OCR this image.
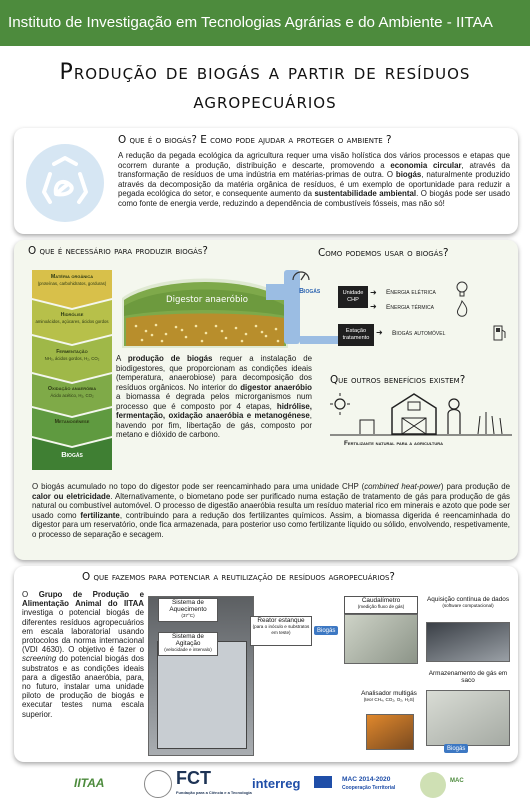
Instituto de Investigação em Tecnologias Agrárias e do Ambiente - IITAA
Produção de biogás a partir de resíduos
agropecuários
O que é o biogás? E como pode ajudar a proteger o ambiente ?
A redução da pegada ecológica da agricultura requer uma visão holística dos vários processos e etapas que ocorrem durante a produção, distribuição e descarte, promovendo a economia circular, através da transformação de resíduos de uma indústria em matérias-primas de outra. O biogás, naturalmente produzido através da decomposição da matéria orgânica de resíduos, é um exemplo de oportunidade para reduzir a pegada ecológica do setor, e consequente aumento da sustentabilidade ambiental. O biogás pode ser usado como fonte de energia verde, reduzindo a dependência de combustíveis fósseis, mas não só!
O que é necessário para produzir biogás?	Como podemos usar o biogás?
Matéria orgânica
(proteínas, carbohidratos, gorduras)
Hidrólise
aminoácidos, açúcares, ácidos gordos
Fermentação
NH₃, ácidos gordos, H₂, CO₂
Oxidação anaeróbia
Ácido acético, H₂, CO₂
Metanogénese
Biogás
Digestor anaeróbio
Biogás	Unidade CHP
Estação tratamento
➜
➜
➜
Energia elétrica
Energia térmica
Biogás automóvel
Que outros benefícios existem?
Fertilizante natural para a agricultura
A produção de biogás requer a instalação de biodigestores, que proporcionam as condições ideais (temperatura, anaerobiose) para decomposição dos resíduos orgânicos. No interior do digestor anaeróbio a biomassa é degrada pelos microrganismos num processo que é composto por 4 etapas, hidrólise, fermentação, oxidação anaeróbia e metanogénese, havendo por fim, libertação de gás, composto por metano e dióxido de carbono.
O biogás acumulado no topo do digestor pode ser reencaminhado para uma unidade CHP (combined heat-power) para produção de calor ou eletricidade. Alternativamente, o biometano pode ser purificado numa estação de tratamento de gás para produção de gás natural ou combustível automóvel. O processo de digestão anaeróbia resulta um resíduo material rico em minerais e azoto que pode ser usado como fertilizante, contribuindo para a redução dos fertilizantes químicos. Assim, a biomassa digerida é reencaminhada do digestor para um reservatório, onde fica armazenada, para posterior uso como fertilizante líquido ou sólido, envolvendo, respetivamente, o processo de separação e secagem.
O que fazemos para potenciar a reutilização de resíduos agropecuários?
O Grupo de Produção e Alimentação Animal do IITAA investiga o potencial biogás de diferentes resíduos agropecuários em escala laboratorial usando protocolos da norma internacional (VDI 4630). O objetivo é fazer o screening do potencial biogás dos substratos e as condições ideais para a digestão anaeróbia, para, no futuro, instalar uma unidade piloto de produção de biogás e executar testes numa escala superior.
Sistema de Aquecimento
(37°C)
Sistema de Agitação
(velocidade e intervalo)
Reator estanque
(para o inóculo e substratos em teste)	Biogás
Caudalímetro
(medição fluxo de gás)
Aquisição contínua de dados
(software computacional)
Armazenamento de gás em saco
Analisador multigás
(teor CH₄, CO₂, O₂, H₂S)
Biogás
IITAA	FCT
Fundação para a Ciência e a Tecnologia
interreg	MAC 2014-2020
Cooperação Territorial
MAC
